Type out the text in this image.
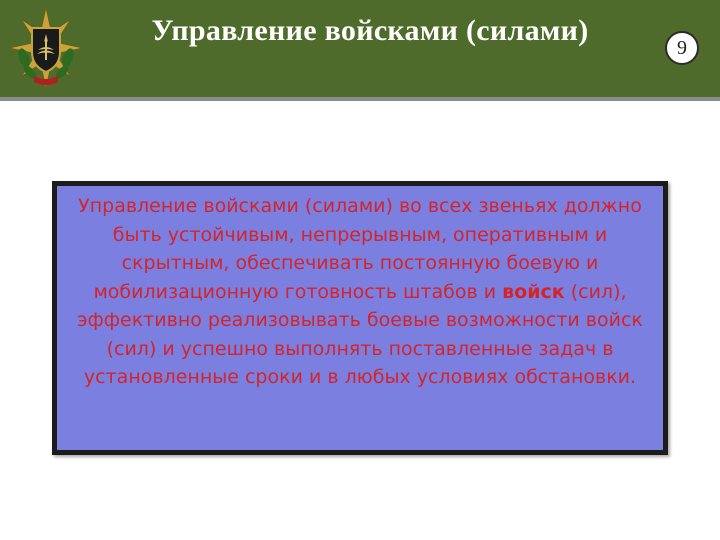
Управление войсками (силами)
9
Управление войсками (силами) во всех звеньях должно быть устойчивым, непрерывным, оперативным и скрытным, обеспечивать постоянную боевую и мобилизационную готовность штабов и войск (сил), эффективно реализовывать боевые возможности войск (сил) и успешно выполнять поставленные задач в установленные сроки и в любых условиях обстановки.
